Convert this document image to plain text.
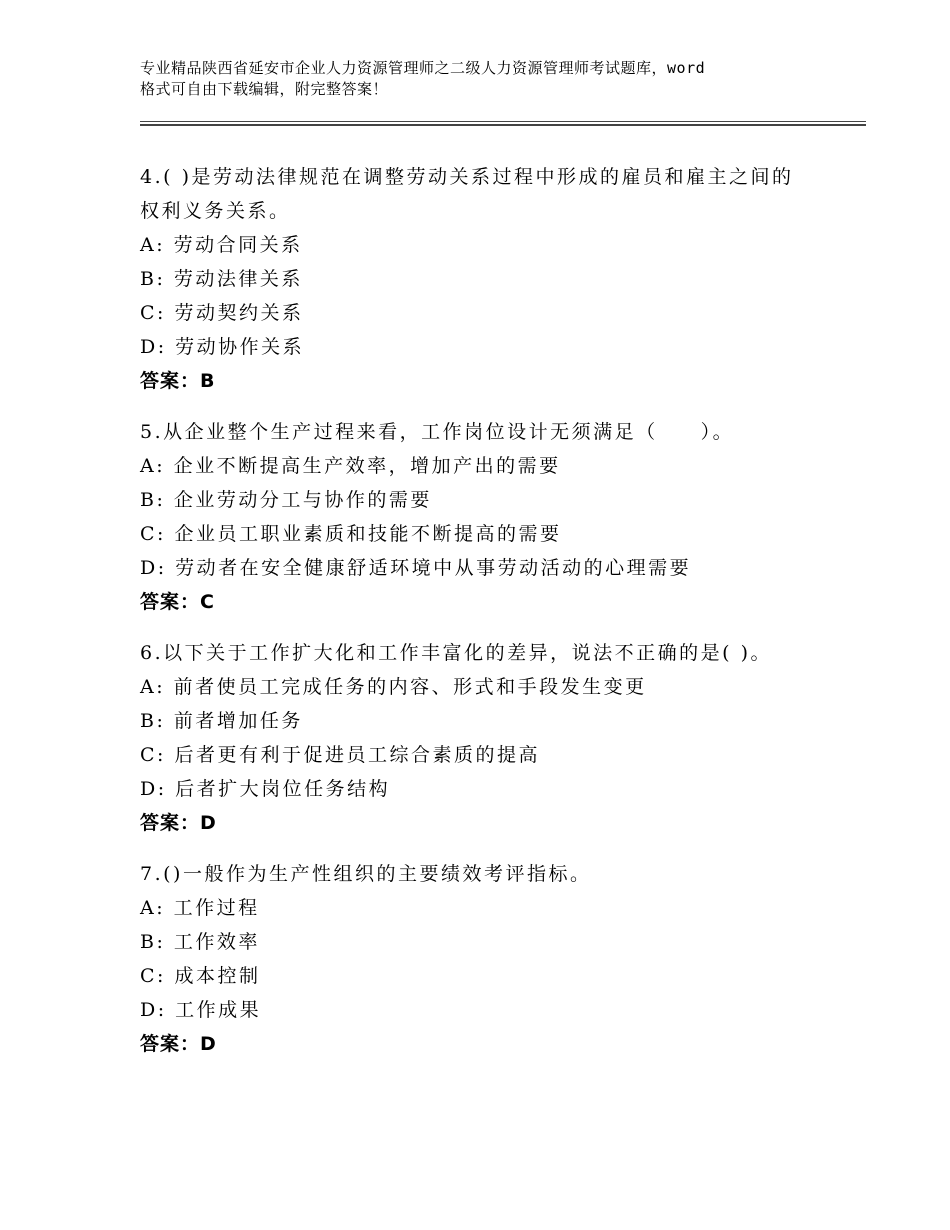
专业精品陕西省延安市企业人力资源管理师之二级人力资源管理师考试题库，word
格式可自由下载编辑，附完整答案！
4.( )是劳动法律规范在调整劳动关系过程中形成的雇员和雇主之间的
权利义务关系。
A: 劳动合同关系
B: 劳动法律关系
C: 劳动契约关系
D: 劳动协作关系
答案：B
5.从企业整个生产过程来看，工作岗位设计无须满足（　　）。
A: 企业不断提高生产效率，增加产出的需要
B: 企业劳动分工与协作的需要
C: 企业员工职业素质和技能不断提高的需要
D: 劳动者在安全健康舒适环境中从事劳动活动的心理需要
答案：C
6.以下关于工作扩大化和工作丰富化的差异，说法不正确的是( )。
A: 前者使员工完成任务的内容、形式和手段发生变更
B: 前者增加任务
C: 后者更有利于促进员工综合素质的提高
D: 后者扩大岗位任务结构
答案：D
7.()一般作为生产性组织的主要绩效考评指标。
A: 工作过程
B: 工作效率
C: 成本控制
D: 工作成果
答案：D
